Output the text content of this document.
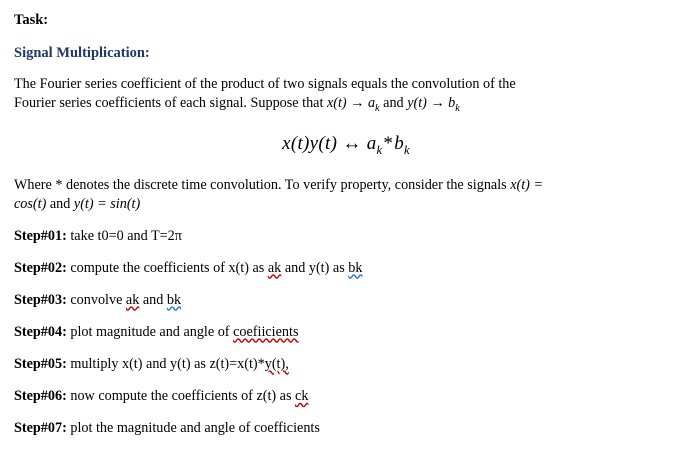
Task:
Signal Multiplication:
The Fourier series coefficient of the product of two signals equals the convolution of the
Fourier series coefficients of each signal. Suppose that $x(t) \to a_k$ and $y(t) \to b_k$
x(t)y(t) ↔ $a_k*b_k$
Where * denotes the discrete time convolution. To verify property, consider the signals x(t) =
cos(t) and y(t) = sin(t)
Step#01: take t0=0 and T=2π
Step#02: compute the coefficients of x(t) as ak and y(t) as bk
Step#03: convolve ak and bk
Step#04: plot magnitude and angle of coefiicients
Step#05: multiply x(t) and y(t) as z(t)=x(t)*y(t),
Step#06: now compute the coefficients of z(t) as ck
Step#07: plot the magnitude and angle of coefficients
